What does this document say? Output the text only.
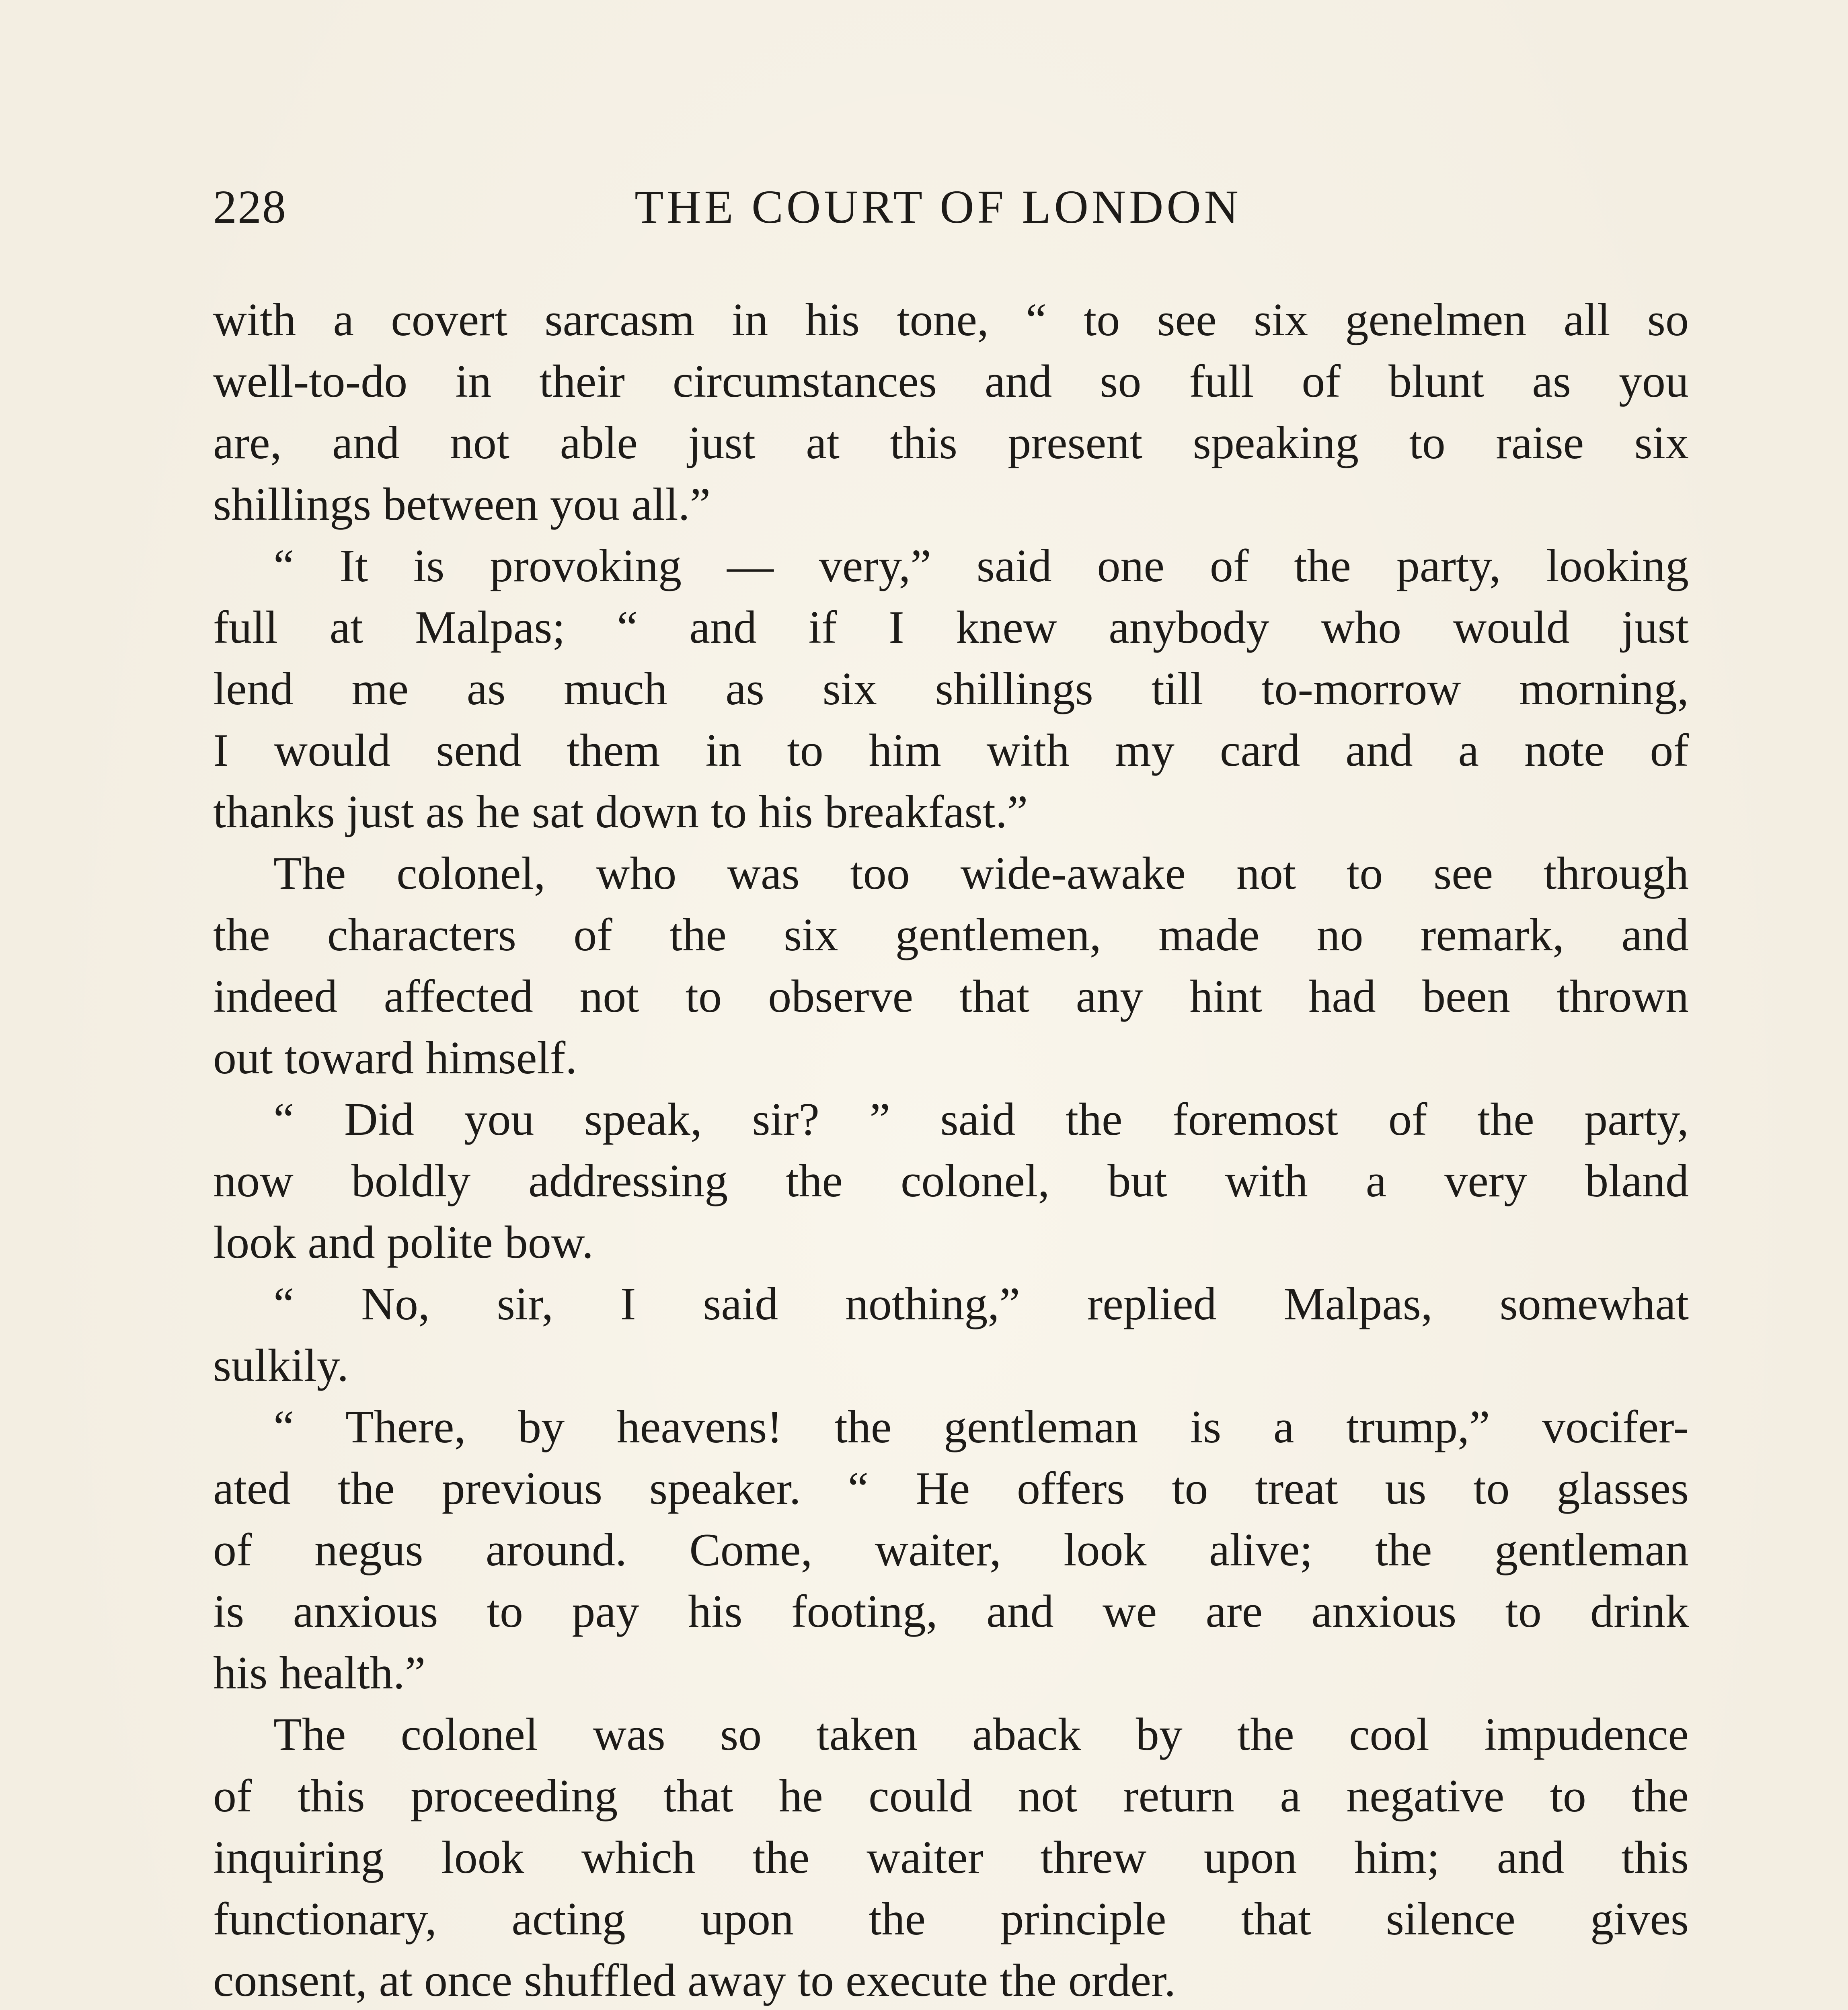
228	THE COURT OF LONDON
with a covert sarcasm in his tone, “ to see six genelmen all so
well-to-do in their circumstances and so full of blunt as you
are, and not able just at this present speaking to raise six
shillings between you all.”
“ It is provoking — very,” said one of the party, looking
full at Malpas; “ and if I knew anybody who would just
lend me as much as six shillings till to-morrow morning,
I would send them in to him with my card and a note of
thanks just as he sat down to his breakfast.”
The colonel, who was too wide-awake not to see through
the characters of the six gentlemen, made no remark, and
indeed affected not to observe that any hint had been thrown
out toward himself.
“ Did you speak, sir? ” said the foremost of the party,
now boldly addressing the colonel, but with a very bland
look and polite bow.
“ No, sir, I said nothing,” replied Malpas, somewhat
sulkily.
“ There, by heavens! the gentleman is a trump,” vocifer-
ated the previous speaker. “ He offers to treat us to glasses
of negus around. Come, waiter, look alive; the gentleman
is anxious to pay his footing, and we are anxious to drink
his health.”
The colonel was so taken aback by the cool impudence
of this proceeding that he could not return a negative to the
inquiring look which the waiter threw upon him; and this
functionary, acting upon the principle that silence gives
consent, at once shuffled away to execute the order.
